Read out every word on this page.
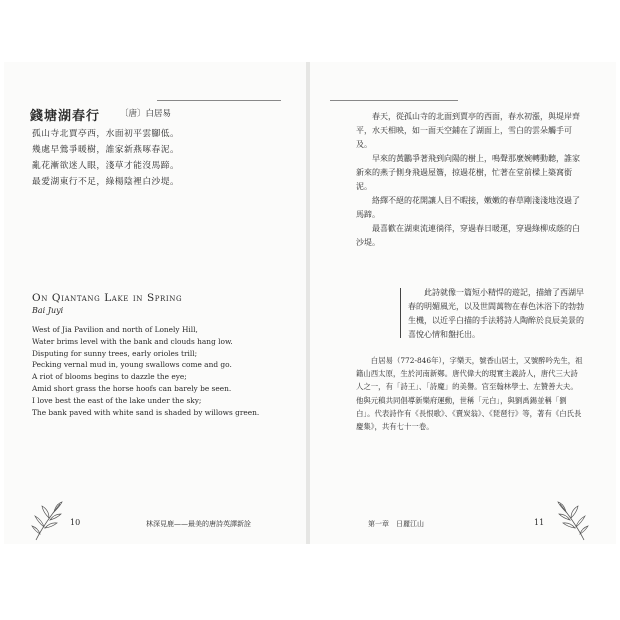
錢塘湖春行 〔唐〕白居易
孤山寺北賈亭西，水面初平雲腳低。
幾處早鶯爭暖樹，誰家新燕啄春泥。
亂花漸欲迷人眼，淺草才能沒馬蹄。
最愛湖東行不足，綠楊陰裡白沙堤。
On Qiantang Lake in Spring
Bai Juyi
West of Jia Pavilion and north of Lonely Hill,
Water brims level with the bank and clouds hang low.
Disputing for sunny trees, early orioles trill;
Pecking vernal mud in, young swallows come and go.
A riot of blooms begins to dazzle the eye;
Amid short grass the horse hoofs can barely be seen.
I love best the east of the lake under the sky;
The bank paved with white sand is shaded by willows green.
10	林深見鹿——最美的唐詩英譯新詮

春天，從孤山寺的北面到賈亭的西面，春水初漲，與堤岸齊平，水天相映，如一面天空鋪在了湖面上，雪白的雲朵觸手可及。

早來的黃鸝爭著飛到向陽的樹上，鳴聲那麼婉轉動聽，誰家新來的燕子側身飛過屋簷，掠過花樹，忙著在堂前樑上築窩銜泥。

絡繹不絕的花開讓人目不暇接，嫩嫩的春草剛淺淺地沒過了馬蹄。

最喜歡在湖東流連徜徉，穿過春日暖運，穿過綠柳成蔭的白沙堤。

此詩就像一篇短小精悍的遊記，描繪了西湖早春的明媚風光，以及世間萬物在春色沐浴下的勃勃生機，以近乎白描的手法將詩人陶醉於良辰美景的喜悅心情和盤托出。
白居易（772-846年），字樂天，號香山居士，又號醉吟先生，祖籍山西太原，生於河南新鄭。唐代偉大的現實主義詩人，唐代三大詩人之一，有「詩王」、「詩魔」的美譽。官至翰林學士、左贊善大夫。他與元稹共同倡導新樂府運動，世稱「元白」，與劉禹錫並稱「劉白」。代表詩作有《長恨歌》、《賣炭翁》、《琵琶行》等，著有《白氏長慶集》，共有七十一卷。
第一章　日麗江山	11
